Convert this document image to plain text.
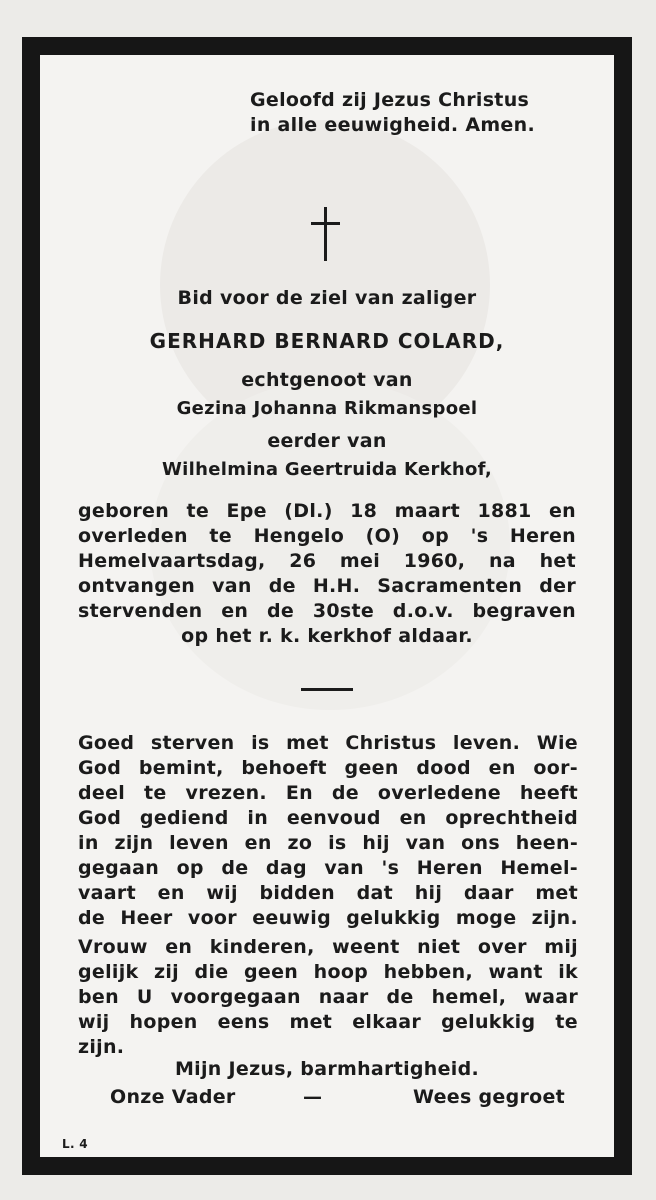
Geloofd zij Jezus Christus
in alle eeuwigheid. Amen.
Bid voor de ziel van zaliger
GERHARD BERNARD COLARD,
echtgenoot van
Gezina Johanna Rikmanspoel
eerder van
Wilhelmina Geertruida Kerkhof,
geboren te Epe (Dl.) 18 maart 1881 en
overleden te Hengelo (O) op 's Heren
Hemelvaartsdag, 26 mei 1960, na het
ontvangen van de H.H. Sacramenten der
stervenden en de 30ste d.o.v. begraven
op het r. k. kerkhof aldaar.
Goed sterven is met Christus leven. Wie
God bemint, behoeft geen dood en oor-
deel te vrezen. En de overledene heeft
God gediend in eenvoud en oprechtheid
in zijn leven en zo is hij van ons heen-
gegaan op de dag van 's Heren Hemel-
vaart en wij bidden dat hij daar met
de Heer voor eeuwig gelukkig moge zijn.
Vrouw en kinderen, weent niet over mij
gelijk zij die geen hoop hebben, want ik
ben U voorgegaan naar de hemel, waar
wij hopen eens met elkaar gelukkig te
zijn.
Mijn Jezus, barmhartigheid.
Onze Vader	—	Wees gegroet
L. 4
